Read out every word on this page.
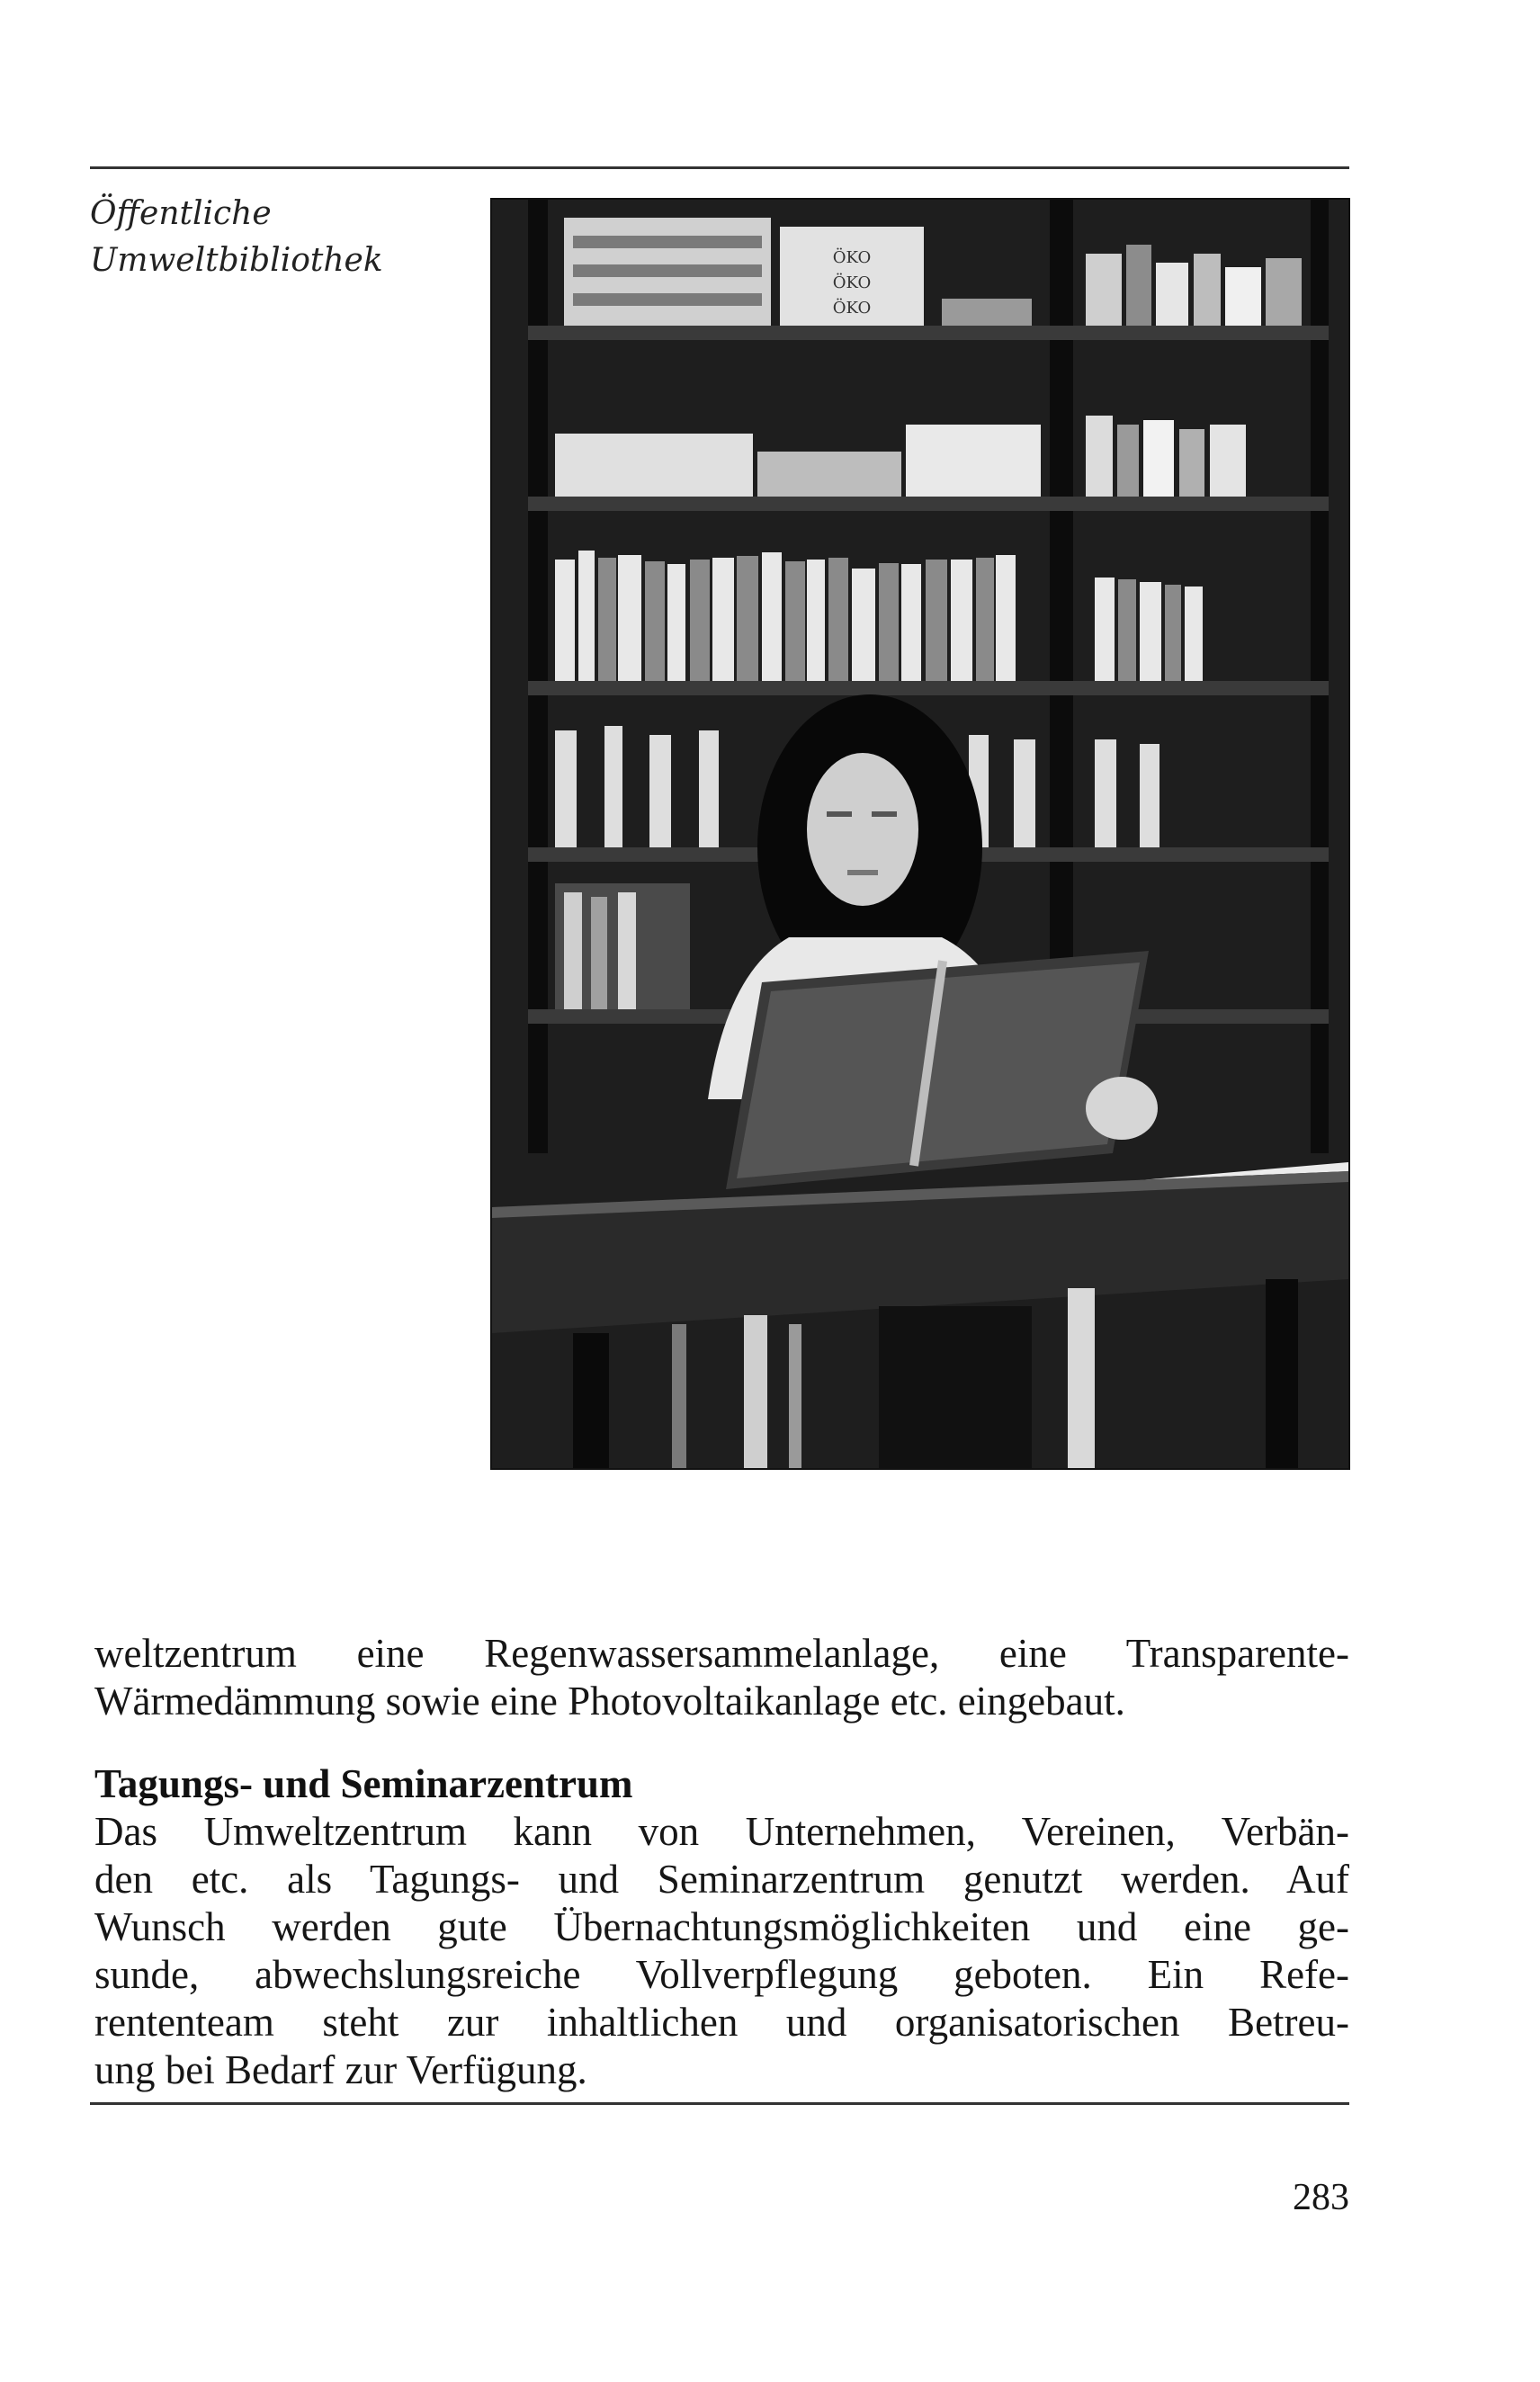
Öffentliche
Umweltbibliothek	ÖKO
ÖKO
ÖKO
weltzentrum eine Regenwassersammelanlage, eine Transparente-
Wärmedämmung sowie eine Photovoltaikanlage etc. eingebaut.
Tagungs- und Seminarzentrum
Das Umweltzentrum kann von Unternehmen, Vereinen, Verbän-
den etc. als Tagungs- und Seminarzentrum genutzt werden. Auf
Wunsch werden gute Übernachtungsmöglichkeiten und eine ge-
sunde, abwechslungsreiche Vollverpflegung geboten. Ein Refe-
rententeam steht zur inhaltlichen und organisatorischen Betreu-
ung bei Bedarf zur Verfügung.
283
